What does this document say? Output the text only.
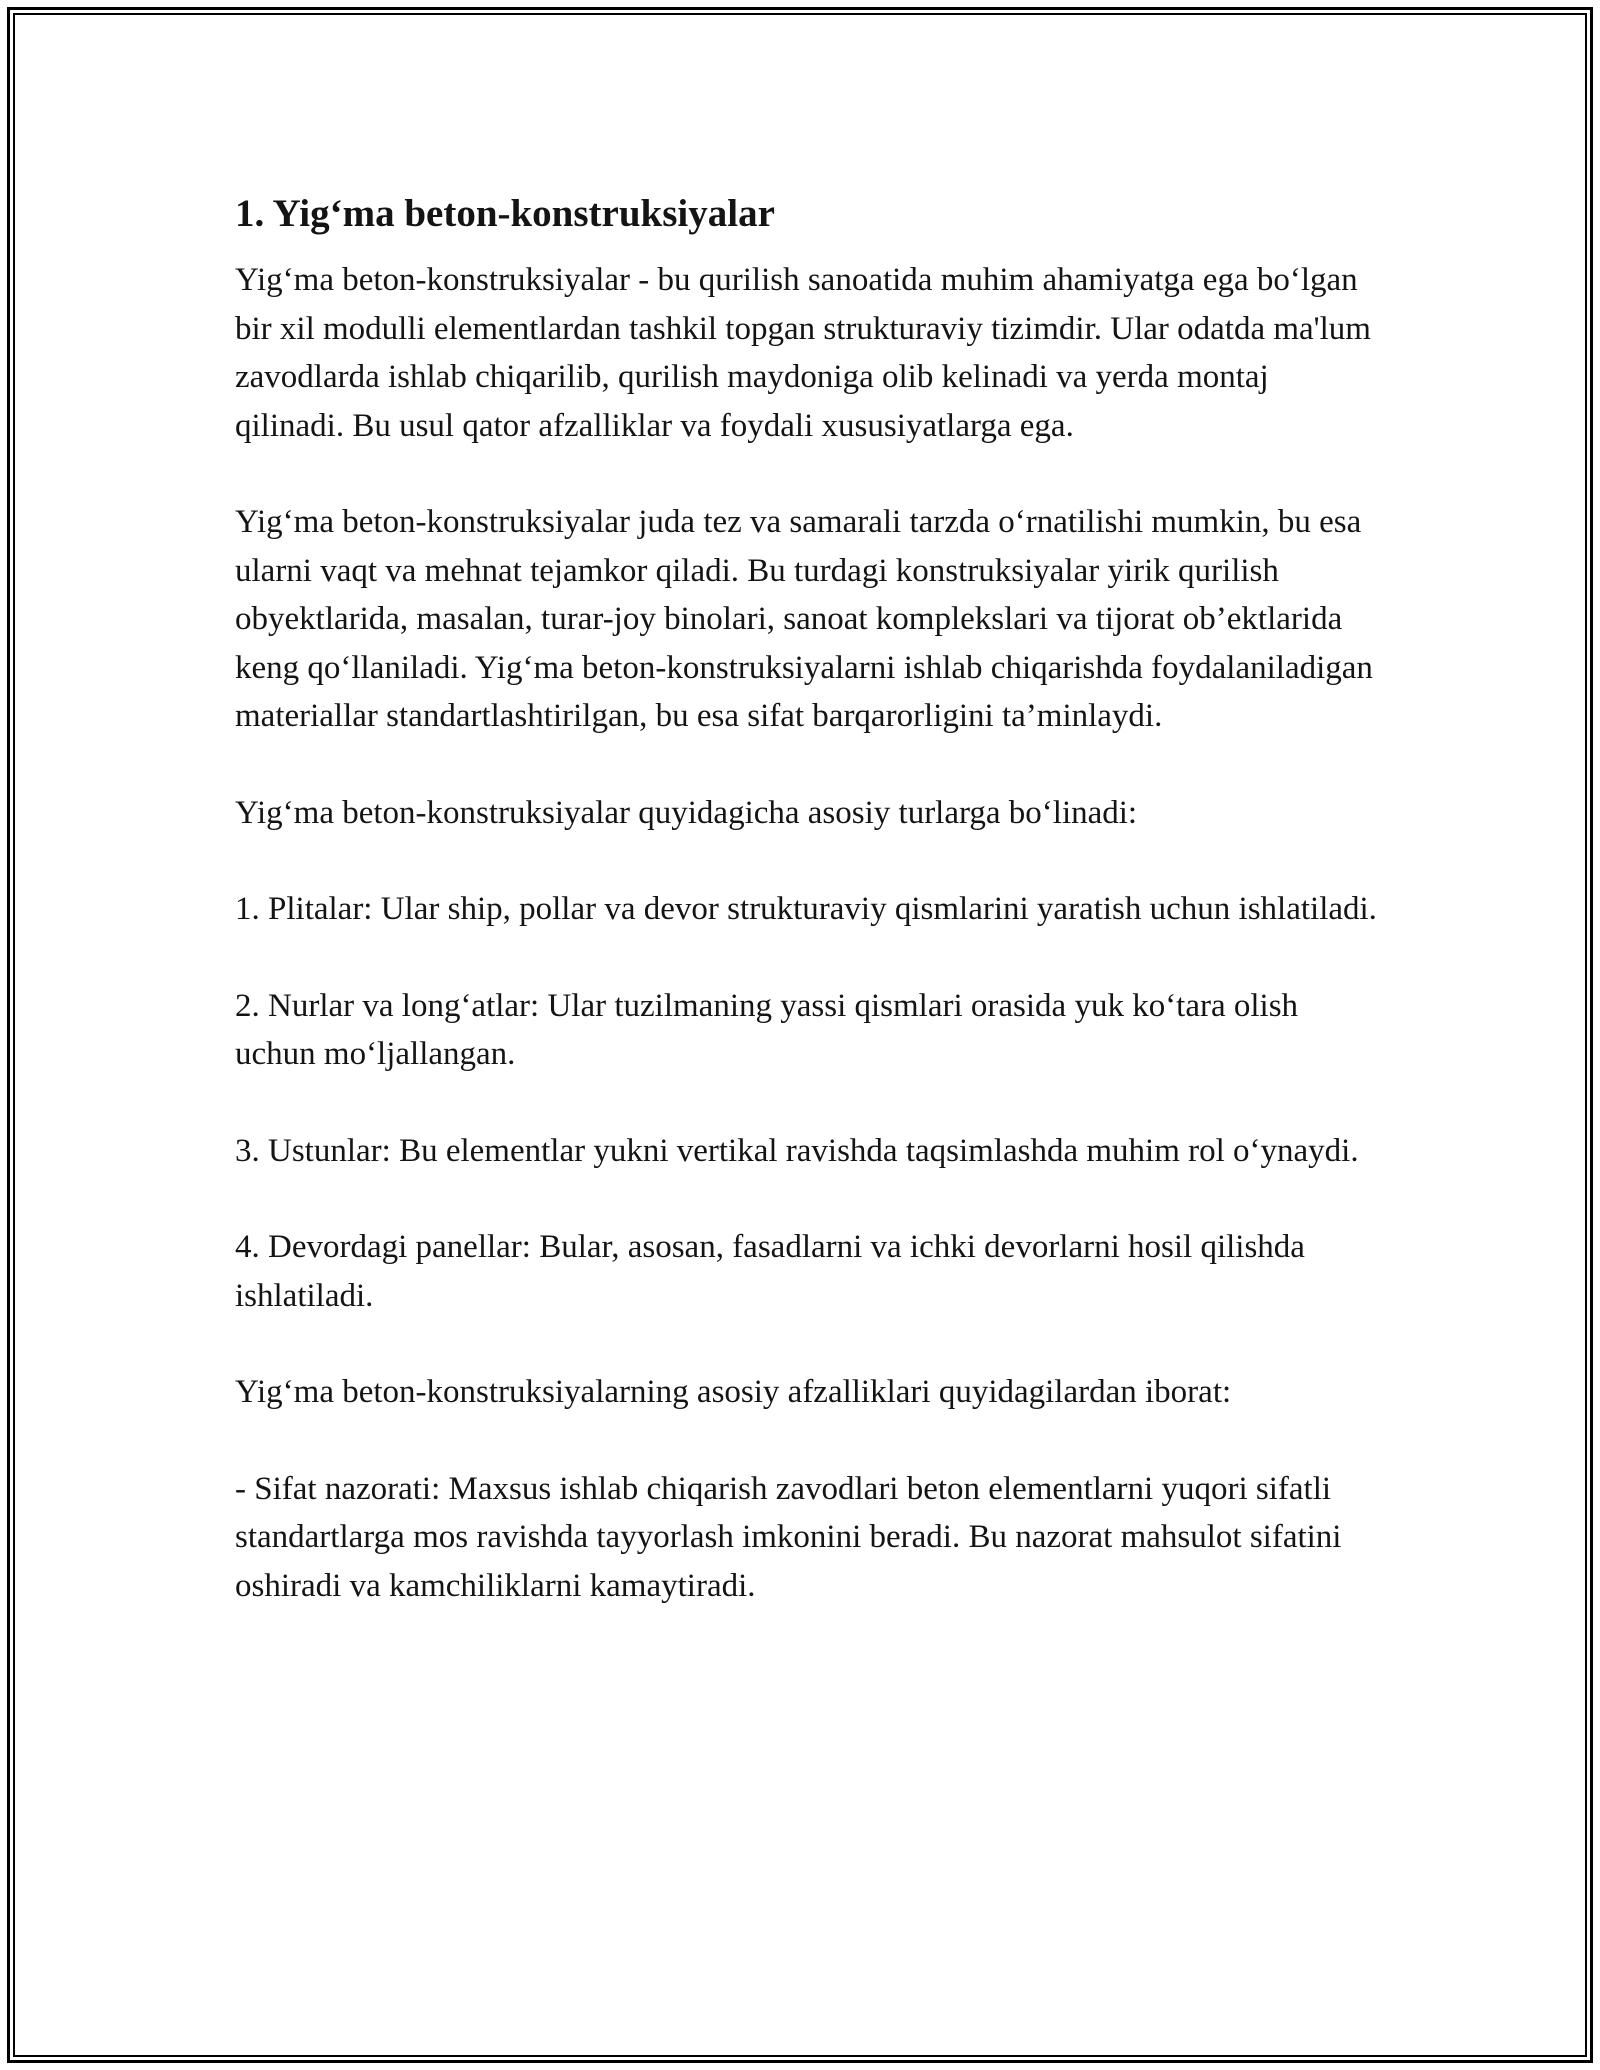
1. Yig‘ma beton-konstruksiyalar

Yig‘ma beton-konstruksiyalar - bu qurilish sanoatida muhim ahamiyatga ega bo‘lgan bir xil modulli elementlardan tashkil topgan strukturaviy tizimdir. Ular odatda ma'lum zavodlarda ishlab chiqarilib, qurilish maydoniga olib kelinadi va yerda montaj qilinadi. Bu usul qator afzalliklar va foydali xususiyatlarga ega.

Yig‘ma beton-konstruksiyalar juda tez va samarali tarzda o‘rnatilishi mumkin, bu esa ularni vaqt va mehnat tejamkor qiladi. Bu turdagi konstruksiyalar yirik qurilish obyektlarida, masalan, turar-joy binolari, sanoat komplekslari va tijorat ob’ektlarida keng qo‘llaniladi. Yig‘ma beton-konstruksiyalarni ishlab chiqarishda foydalaniladigan materiallar standartlashtirilgan, bu esa sifat barqarorligini ta’minlaydi.

Yig‘ma beton-konstruksiyalar quyidagicha asosiy turlarga bo‘linadi:

1. Plitalar: Ular ship, pollar va devor strukturaviy qismlarini yaratish uchun ishlatiladi.

2. Nurlar va long‘atlar: Ular tuzilmaning yassi qismlari orasida yuk ko‘tara olish uchun mo‘ljallangan.

3. Ustunlar: Bu elementlar yukni vertikal ravishda taqsimlashda muhim rol o‘ynaydi.

4. Devordagi panellar: Bular, asosan, fasadlarni va ichki devorlarni hosil qilishda ishlatiladi.

Yig‘ma beton-konstruksiyalarning asosiy afzalliklari quyidagilardan iborat:

- Sifat nazorati: Maxsus ishlab chiqarish zavodlari beton elementlarni yuqori sifatli standartlarga mos ravishda tayyorlash imkonini beradi. Bu nazorat mahsulot sifatini oshiradi va kamchiliklarni kamaytiradi.
